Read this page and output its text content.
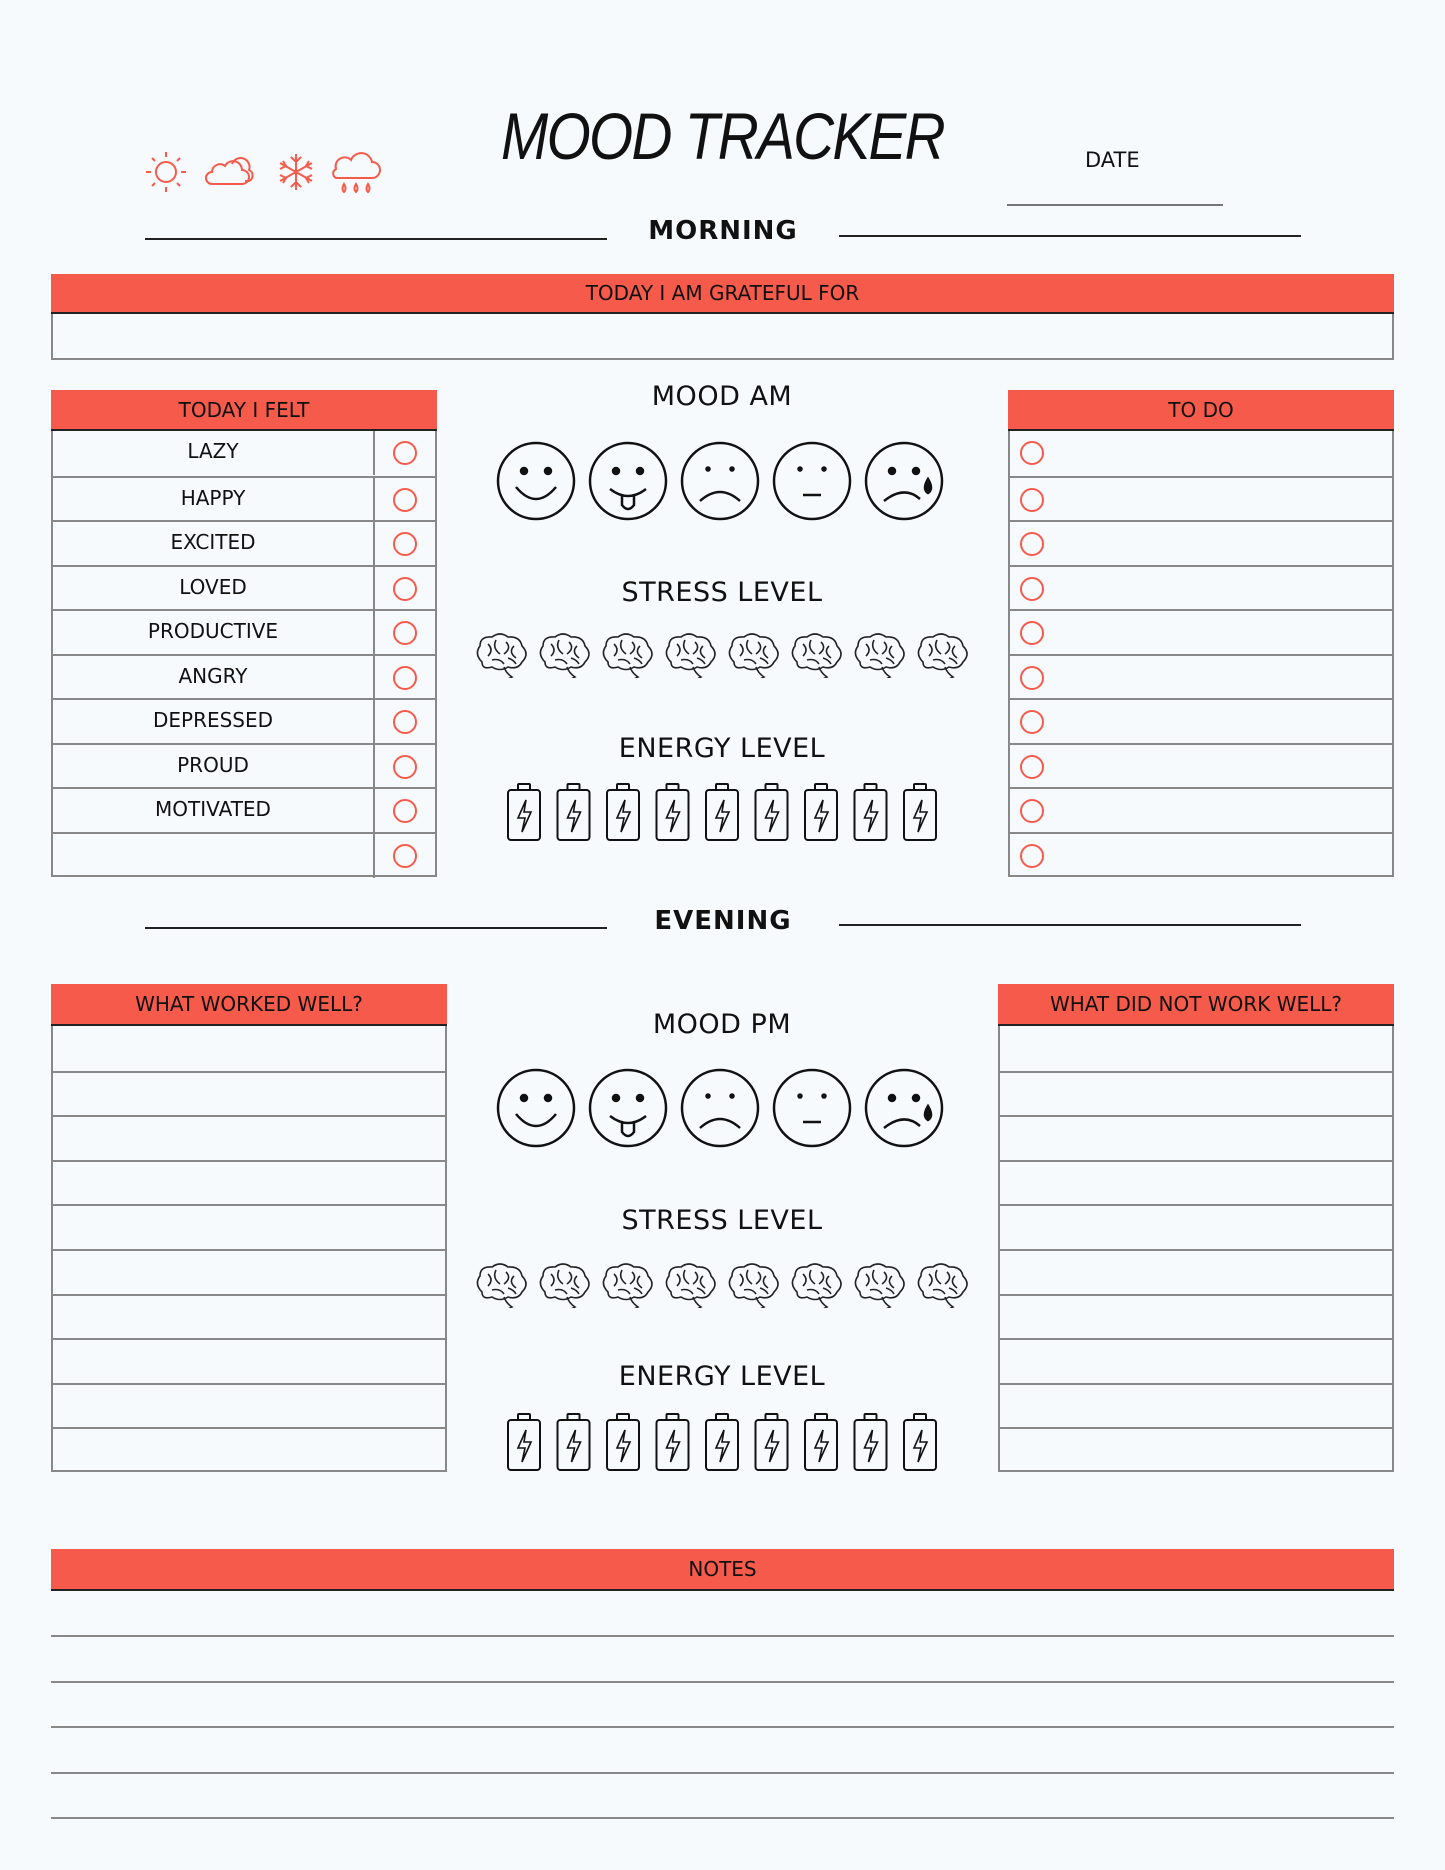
MOOD TRACKER	DATE
MORNING
TODAY I AM GRATEFUL FOR
TODAY I FELT
LAZY
HAPPY
EXCITED
LOVED
PRODUCTIVE
ANGRY
DEPRESSED
PROUD
MOTIVATED
MOOD AM
STRESS LEVEL
ENERGY LEVEL
TO DO
EVENING
WHAT WORKED WELL?
MOOD PM
STRESS LEVEL
ENERGY LEVEL
WHAT DID NOT WORK WELL?
NOTES
